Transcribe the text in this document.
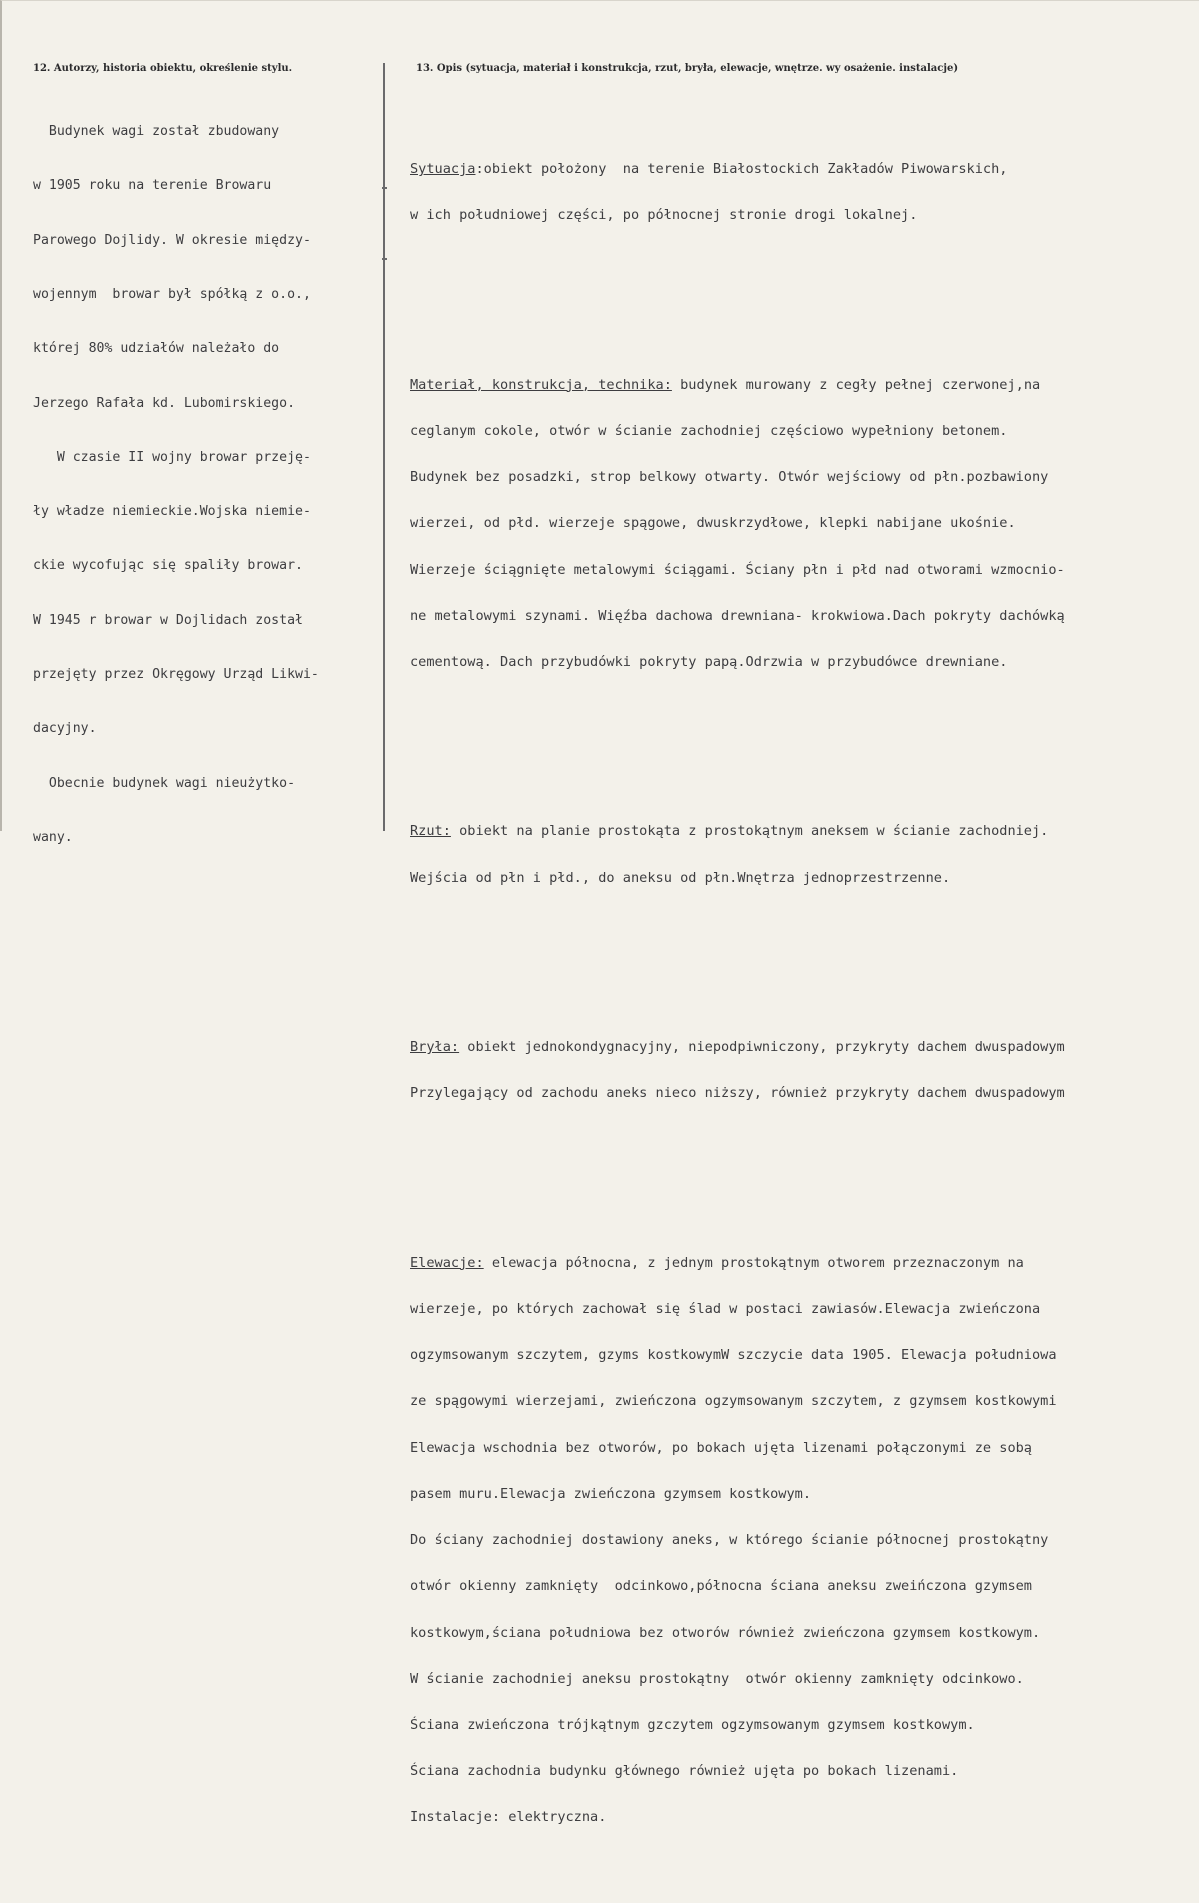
12. Autorzy, historia obiektu, określenie stylu.	13. Opis (sytuacja, materiał i konstrukcja, rzut, bryła, elewacje, wnętrze. wy osażenie. instalacje)

Budynek wagi został zbudowany

w 1905 roku na terenie Browaru

Parowego Dojlidy. W okresie między-

wojennym  browar był spółką z o.o.,

której 80% udziałów należało do

Jerzego Rafała kd. Lubomirskiego.

W czasie II wojny browar przeję-

ły władze niemieckie.Wojska niemie-

ckie wycofując się spaliły browar.

W 1945 r browar w Dojlidach został

przejęty przez Okręgowy Urząd Likwi-

dacyjny.

Obecnie budynek wagi nieużytko-

wany.

Sytuacja:obiekt położony  na terenie Białostockich Zakładów Piwowarskich,

w ich południowej części, po północnej stronie drogi lokalnej.

Materiał, konstrukcja, technika: budynek murowany z cegły pełnej czerwonej,na

ceglanym cokole, otwór w ścianie zachodniej częściowo wypełniony betonem.

Budynek bez posadzki, strop belkowy otwarty. Otwór wejściowy od płn.pozbawiony

wierzei, od płd. wierzeje spągowe, dwuskrzydłowe, klepki nabijane ukośnie.

Wierzeje ściągnięte metalowymi ściągami. Ściany płn i płd nad otworami wzmocnio-

ne metalowymi szynami. Więźba dachowa drewniana- krokwiowa.Dach pokryty dachówką

cementową. Dach przybudówki pokryty papą.Odrzwia w przybudówce drewniane.

Rzut: obiekt na planie prostokąta z prostokątnym aneksem w ścianie zachodniej.

Wejścia od płn i płd., do aneksu od płn.Wnętrza jednoprzestrzenne.

Bryła: obiekt jednokondygnacyjny, niepodpiwniczony, przykryty dachem dwuspadowym

Przylegający od zachodu aneks nieco niższy, również przykryty dachem dwuspadowym

Elewacje: elewacja północna, z jednym prostokątnym otworem przeznaczonym na

wierzeje, po których zachował się ślad w postaci zawiasów.Elewacja zwieńczona

ogzymsowanym szczytem, gzyms kostkowymW szczycie data 1905. Elewacja południowa

ze spągowymi wierzejami, zwieńczona ogzymsowanym szczytem, z gzymsem kostkowymi

Elewacja wschodnia bez otworów, po bokach ujęta lizenami połączonymi ze sobą

pasem muru.Elewacja zwieńczona gzymsem kostkowym.

Do ściany zachodniej dostawiony aneks, w którego ścianie północnej prostokątny

otwór okienny zamknięty  odcinkowo,północna ściana aneksu zweińczona gzymsem

kostkowym,ściana południowa bez otworów również zwieńczona gzymsem kostkowym.

W ścianie zachodniej aneksu prostokątny  otwór okienny zamknięty odcinkowo.

Ściana zwieńczona trójkątnym gzczytem ogzymsowanym gzymsem kostkowym.

Ściana zachodnia budynku głównego również ujęta po bokach lizenami.

Instalacje: elektryczna.
